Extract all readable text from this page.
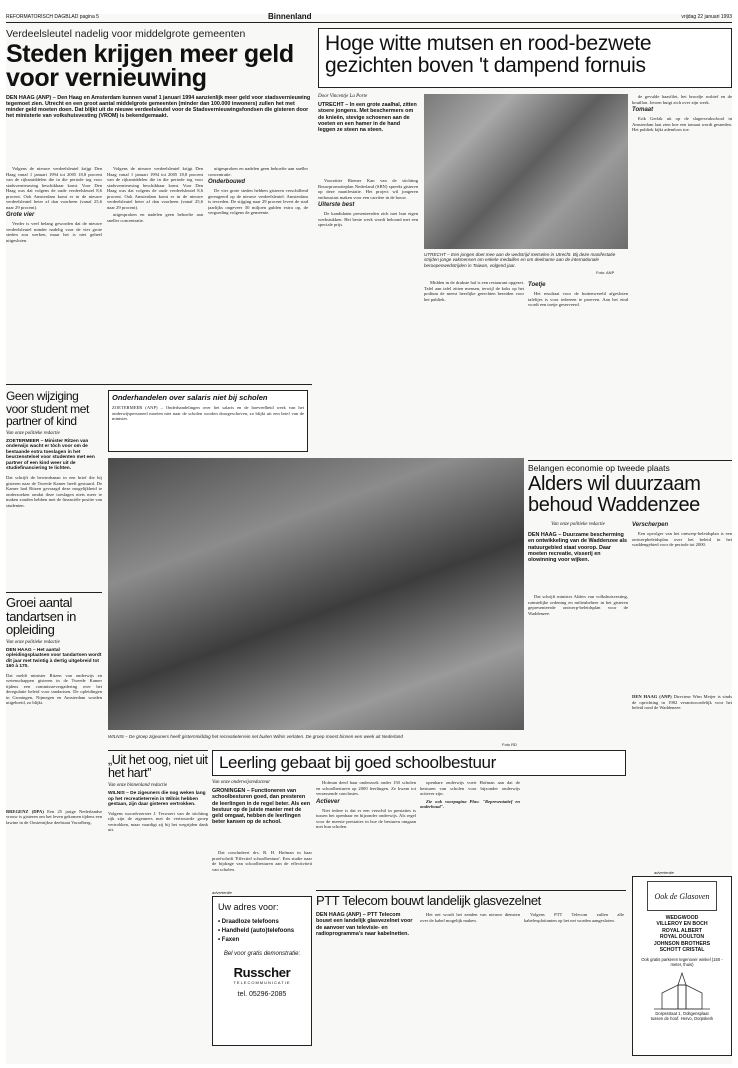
REFORMATORISCH DAGBLAD pagina 5	Binnenland	vrijdag 22 januari 1993
Verdeelsleutel nadelig voor middelgrote gemeenten
Steden krijgen meer geld voor vernieuwing
DEN HAAG (ANP) – Den Haag en Amsterdam kunnen vanaf 1 januari 1994 aanzienlijk meer geld voor stadsvernieuwing tegemoet zien. Utrecht en een groot aantal middelgrote gemeenten (minder dan 100.000 inwoners) zullen het met minder geld moeten doen. Dat blijkt uit de nieuwe verdeelsleutel voor de Stadsvernieuwingsfondsen die gisteren door het ministerie van volkshuisvesting (VROM) is bekendgemaakt.

Volgens de nieuwe verdeelsleutel krijgt Den Haag vanaf 1 januari 1994 tot 2005 18,8 procent van de rijksmiddelen die in die periode tog voor stadsvernieuwing beschikbaar komt. Voor Den Haag was dat volgens de oude verdeelsleutel 8,6 procent. Ook Amsterdam komt er in de nieuwe verdeelsleutel beter af dan voorheen (vanaf 25,6 naar 29 procent).

Grote vier

Verder is veel belang geworden dat de nieuwe verdeelsleutel minder nadelig voor de vier grote steden zou werken, maar het is niet geheel uitgesloten.

Volgens de nieuwe verdeelsleutel krijgt Den Haag vanaf 1 januari 1994 tot 2005 18,8 procent van de rijksmiddelen die in die periode tog voor stadsvernieuwing beschikbaar komt. Voor Den Haag was dat volgens de oude verdeelsleutel 8,6 procent. Ook Amsterdam komt er in de nieuwe verdeelsleutel beter af dan voorheen (vanaf 25,6 naar 29 procent).

uitgesproken en nadelen geen behoefte aan sneller concentratie.

uitgesproken en nadelen geen behoefte aan sneller concentratie.

Onderbouwd

De vier grote steden hebben gisteren verschillend gereageerd op de nieuwe verdeelsleutel. Amsterdam is tevreden. De stijging naar 29 procent levert de stad jaarlijks ongeveer 30 miljoen gulden extra op, de vergoeding volgens de gemeente.

Geen wijziging voor student met partner of kind
Van onze politieke redactie
ZOETERMEER – Minister Ritzen van onderwijs wacht er tòch voor om de bestaande extra toeslagen in het beurzenstelsel voor studenten met een partner of een kind weer uit de studiefinanciering te lichten.
Dat schrijft de bewindsman in een brief die hij gisteren naar de Tweede Kamer heeft gestuurd. De Kamer had Ritzen gevraagd deze mogelijkheid te onderzoeken omdat deze toeslagen niets meer te maken zouden hebben met de financiële positie van studenten.
Onderhandelen over salaris niet bij scholen
ZOETERMEER (ANP) – Onderhandelingen over het salaris en de hoeveelheid werk van het onderwijspersoneel moeten niet naar de scholen worden doorgeschoven, zo blijkt uit een brief van de minister.
Groei aantal tandartsen in opleiding
Van onze politieke redactie
DEN HAAG – Het aantal opleidingsplaatsen voor tandartsen wordt dit jaar met twintig à dertig uitgebreid tot 160 à 170.
Dat meldt minister Ritzen van onderwijs en wetenschappen gisteren in de Tweede Kamer tijdens een commissievergadering over het deregulatie beleid voor tandartsen. De opleidingen in Groningen, Nijmegen en Amsterdam worden uitgebreid, zo blijkt.
BREGENZ (DPA) Een 25 jarige Nederlandse vrouw is gisteren om het leven gekomen tijdens een lawine in de Oostenrijkse deelstaat Vorarlberg.
Hoge witte mutsen en rood-bezwete gezichten boven 't dampend fornuis
Door Vincentje La Porte
UTRECHT – In een grote zaalhal, zitten stoere jongens. Met beschermers om de knieën, stevige schoenen aan de voeten en een hamer in de hand leggen ze steen na steen.

Voorzitter Riemer Kan van de stichting Bouwpromotieplan Nederland (SBN) spreekt gisteren op deze manifestatie. Het project wil jongeren enthousiast maken voor een carrière in de bouw.

Uiterste best

De kandidaten presenteerden zich met hun eigen werkstukken. Het beste werk wordt beloond met een speciale prijs.

UTRECHT – Een jongen doet mee aan de wedstrijd metselen in Utrecht. Bij deze manifestatie strijden jonge vakmensen om enkele medailles en om deelname aan de internationale beroepenwedstrijden in Taiwan, volgend jaar.
Foto: ANP

Midden in de drukste hal is een restaurant opgezet. Tafel aan tafel zitten mensen, terwijl de koks op het podium de meest heerlijke gerechten bereiden voor het publiek.

Toetje

Het resultaat voor de buitenwereld afgesloten tafeltjes is voor iedereen te proeven. Aan het eind wordt een toetje geserveerd.

de gevulde haasfilet, het broodje rosbief en de bouillon. Jeroen buigt zich over zijn werk.

Tomaat

Erik Gerlak uit op de slagersvakschool in Amsterdam laat zien hoe een tomaat wordt gesneden. Het publiek kijkt ademloos toe.

WILNIS – De groep zigeuners heeft gisternmiddag het recreatieterrein net buiten Wilnis verlaten. De groep moest binnen een week uit Nederland
Foto RD
Belangen economie op tweede plaats
Alders wil duurzaam behoud Waddenzee
Van onze politieke redactie
DEN HAAG – Duurzame bescherming en ontwikkeling van de Waddenzee als natuurgebied staat voorop. Daar moeten recreatie, visserij en olowinning voor wijken.

Dat schrijft minister Alders van volkshuisvesting, ruimtelijke ordening en milieubeheer in het gisteren gepresenteerde ontwerp-beleidsplan voor de Waddenzee.

Verscherpen

Een opvolger van het ontwerp-beleidsplan is een ontwerpbeleidsplan over het beleid in het waddengebied voor de periode tot 2000.

DEN HAAG (ANP) Directeur Wim Meijer is sinds de oprichting in 1982 verantwoordelijk voor het beleid rond de Waddenzee.
„Uit het oog, niet uit het hart”
Van onze binnenland redactie
WILNIS – De zigeuners die nog weken lang op het recreatieterrein in Wilnis hebben gestaan, zijn daar gisteren vertrokken.
Volgens woordvoerster J. Terwoert van de stichting rijk zijn de zigeuners met de vertrouwde groep vertrokken, maar vaardigt zij bij het wegrijden dank uit.
Leerling gebaat bij goed schoolbestuur
Van onze onderwijsredacteur
GRONINGEN – Functioneren van schoolbesturen goed, dan presteren de leerlingen in de regel beter. Als een bestuur op de juiste manier met de geld omgaat, hebben de leerlingen beter kansen op de school.

Dat concludeert drs. B. H. Hofman in haar proefschrift 'Effectief schoolbestuur'. Een studie naar de bijdrage van schoolbesturen aan de effectiviteit van scholen.

Hofman deed haar onderzoek onder 150 scholen en schoolbesturen op 2000 leerlingen. Ze kwam tot verrassende conclusies.

Actiever

Niet iedere is dat er een verschil in prestaties is tussen het openbaar en bijzonder onderwijs. Als regel voor de meeste prestaties in hoe de besturen omgaan met hun scholen.

openbare onderwijs voert Hofman aan dat de besturen van scholen voor bijzonder onderwijs actiever zijn.

Zie ook voorpagina Plus: "Representatief en onderhoud".

advertentie
Uw adres voor:
• Draadloze telefoons
• Handheld (auto)telefoons
• Faxen
Bel voor gratis demonstratie:
Russcher
TELECOMMUNICATIE
tel. 05296-2085
PTT Telecom bouwt landelijk glasvezelnet
DEN HAAG (ANP) – PTT Telecom bouwt een landelijk glasvezelnet voor de aanvoer van televisie- en radioprogramma's naar kabelnetten.

Het net wordt het zenden van nieuwe diensten over de kabel mogelijk maken.

Volgens PTT Telecom zullen alle kabelexploitanten op het net worden aangesloten.

advertentie
Ook de Glasoven
WEDGWOOD
VILLEROY EN BOCH
ROYAL ALBERT
ROYAL DOULTON
JOHNSON BROTHERS
SCHOTT CRISTAL
Ook gratis parkeren tegenover winkel (150 - meter, thuis)
Dorpsstraat 1, Ooltgensplaat
tussen de hoof. Hervo, Dorpskerk
